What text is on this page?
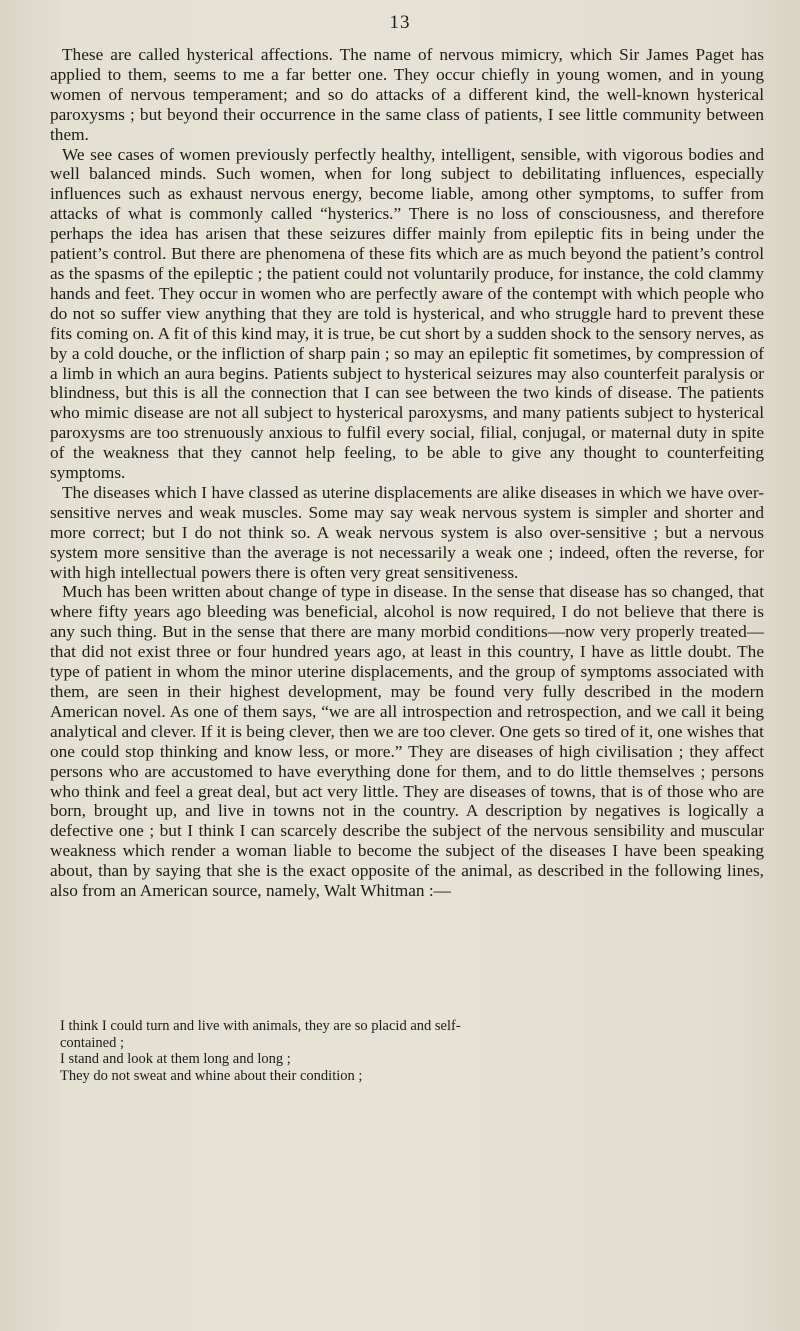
13

These are called hysterical affections. The name of nervous mimicry, which Sir James Paget has applied to them, seems to me a far better one. They occur chiefly in young women, and in young women of nervous temperament; and so do attacks of a different kind, the well-known hysterical paroxysms ; but beyond their occurrence in the same class of patients, I see little community between them.

We see cases of women previously perfectly healthy, intelligent, sensible, with vigorous bodies and well balanced minds. Such women, when for long subject to debilitating influences, especially influences such as exhaust nervous energy, become liable, among other symptoms, to suffer from attacks of what is commonly called “hysterics.” There is no loss of consciousness, and therefore perhaps the idea has arisen that these seizures differ mainly from epileptic fits in being under the patient’s control. But there are phenomena of these fits which are as much beyond the patient’s control as the spasms of the epileptic ; the patient could not voluntarily produce, for instance, the cold clammy hands and feet. They occur in women who are perfectly aware of the contempt with which people who do not so suffer view anything that they are told is hysterical, and who struggle hard to prevent these fits coming on. A fit of this kind may, it is true, be cut short by a sudden shock to the sensory nerves, as by a cold douche, or the infliction of sharp pain ; so may an epileptic fit sometimes, by compression of a limb in which an aura begins. Patients subject to hysterical seizures may also counterfeit paralysis or blindness, but this is all the connection that I can see between the two kinds of disease. The patients who mimic disease are not all subject to hysterical paroxysms, and many patients subject to hysterical paroxysms are too strenuously anxious to fulfil every social, filial, conjugal, or maternal duty in spite of the weakness that they cannot help feeling, to be able to give any thought to counterfeiting symptoms.

The diseases which I have classed as uterine displacements are alike diseases in which we have over-sensitive nerves and weak muscles. Some may say weak nervous system is simpler and shorter and more correct; but I do not think so. A weak nervous system is also over-sensitive ; but a nervous system more sensitive than the average is not necessarily a weak one ; indeed, often the reverse, for with high intellectual powers there is often very great sensitiveness.

Much has been written about change of type in disease. In the sense that disease has so changed, that where fifty years ago bleeding was beneficial, alcohol is now required, I do not believe that there is any such thing. But in the sense that there are many morbid conditions—now very properly treated— that did not exist three or four hundred years ago, at least in this country, I have as little doubt. The type of patient in whom the minor uterine displacements, and the group of symptoms associated with them, are seen in their highest development, may be found very fully described in the modern American novel. As one of them says, “we are all introspection and retrospection, and we call it being analytical and clever. If it is being clever, then we are too clever. One gets so tired of it, one wishes that one could stop thinking and know less, or more.” They are diseases of high civilisation ; they affect persons who are accustomed to have everything done for them, and to do little themselves ; persons who think and feel a great deal, but act very little. They are diseases of towns, that is of those who are born, brought up, and live in towns not in the country. A description by negatives is logically a defective one ; but I think I can scarcely describe the subject of the nervous sensibility and muscular weakness which render a woman liable to become the subject of the diseases I have been speaking about, than by saying that she is the exact opposite of the animal, as described in the following lines, also from an American source, namely, Walt Whitman :—

I think I could turn and live with animals, they are so placid and self-
contained ;
I stand and look at them long and long ;
They do not sweat and whine about their condition ;
